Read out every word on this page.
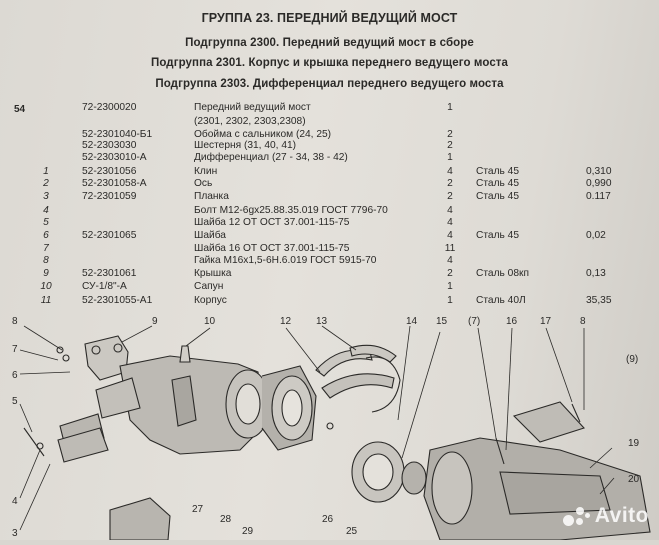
ГРУППА 23. ПЕРЕДНИЙ ВЕДУЩИЙ МОСТ
Подгруппа 2300. Передний ведущий мост в сборе
Подгруппа 2301. Корпус и крышка переднего ведущего моста
Подгруппа 2303. Дифференциал переднего ведущего моста
54	72-2300020	Передний ведущий мост	1
(2301, 2302, 2303,2308)
52-2301040-Б1	Обойма с сальником (24, 25)	2
52-2303030	Шестерня (31, 40, 41)	2
52-2303010-А	Дифференциал (27 - 34, 38 - 42)	1
1	52-2301056	Клин	4	Сталь 45	0,310
2	52-2301058-А	Ось	2	Сталь 45	0,990
3	72-2301059	Планка	2	Сталь 45	0.117
4	Болт М12-6gх25.88.35.019 ГОСТ 7796-70	4
5	Шайба 12 ОТ ОСТ 37.001-115-75	4
6	52-2301065	Шайба	4	Сталь 45	0,02
7	Шайба 16 ОТ ОСТ 37.001-115-75	11
8	Гайка М16х1,5-6Н.6.019 ГОСТ 5915-70	4
9	52-2301061	Крышка	2	Сталь 08кп	0,13
10	СУ-1/8"-А	Сапун	1
11	52-2301055-А1	Корпус	1	Сталь 40Л	35,35
8	9	10	12 13	14 15 (7)	16 17	8
(9)
7
6
5
4
3
27
28
29
26
25
19
20
Avito
